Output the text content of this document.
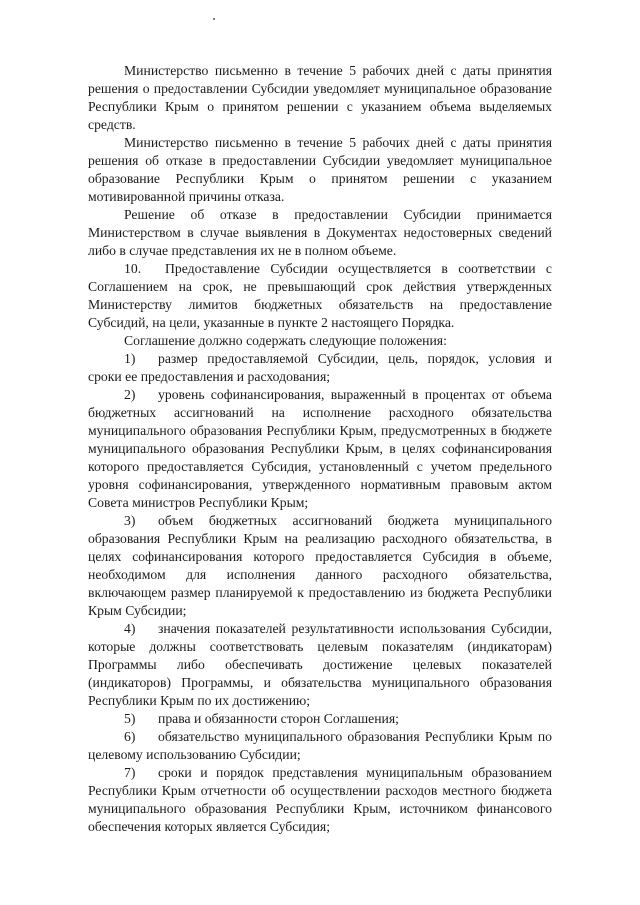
Министерство письменно в течение 5 рабочих дней с даты принятия
решения о предоставлении Субсидии уведомляет муниципальное образование
Республики Крым о принятом решении с указанием объема выделяемых
средств.
Министерство письменно в течение 5 рабочих дней с даты принятия
решения об отказе в предоставлении Субсидии уведомляет муниципальное
образование Республики Крым о принятом решении с указанием
мотивированной причины отказа.
Решение об отказе в предоставлении Субсидии принимается
Министерством в случае выявления в Документах недостоверных сведений
либо в случае представления их не в полном объеме.
10. Предоставление Субсидии осуществляется в соответствии с
Соглашением на срок, не превышающий срок действия утвержденных
Министерству лимитов бюджетных обязательств на предоставление
Субсидий, на цели, указанные в пункте 2 настоящего Порядка.
Соглашение должно содержать следующие положения:
1) размер предоставляемой Субсидии, цель, порядок, условия и
сроки ее предоставления и расходования;
2) уровень софинансирования, выраженный в процентах от объема
бюджетных ассигнований на исполнение расходного обязательства
муниципального образования Республики Крым, предусмотренных в бюджете
муниципального образования Республики Крым, в целях софинансирования
которого предоставляется Субсидия, установленный с учетом предельного
уровня софинансирования, утвержденного нормативным правовым актом
Совета министров Республики Крым;
3) объем бюджетных ассигнований бюджета муниципального
образования Республики Крым на реализацию расходного обязательства, в
целях софинансирования которого предоставляется Субсидия в объеме,
необходимом для исполнения данного расходного обязательства,
включающем размер планируемой к предоставлению из бюджета Республики
Крым Субсидии;
4) значения показателей результативности использования Субсидии,
которые должны соответствовать целевым показателям (индикаторам)
Программы либо обеспечивать достижение целевых показателей
(индикаторов) Программы, и обязательства муниципального образования
Республики Крым по их достижению;
5) права и обязанности сторон Соглашения;
6) обязательство муниципального образования Республики Крым по
целевому использованию Субсидии;
7) сроки и порядок представления муниципальным образованием
Республики Крым отчетности об осуществлении расходов местного бюджета
муниципального образования Республики Крым, источником финансового
обеспечения которых является Субсидия;
